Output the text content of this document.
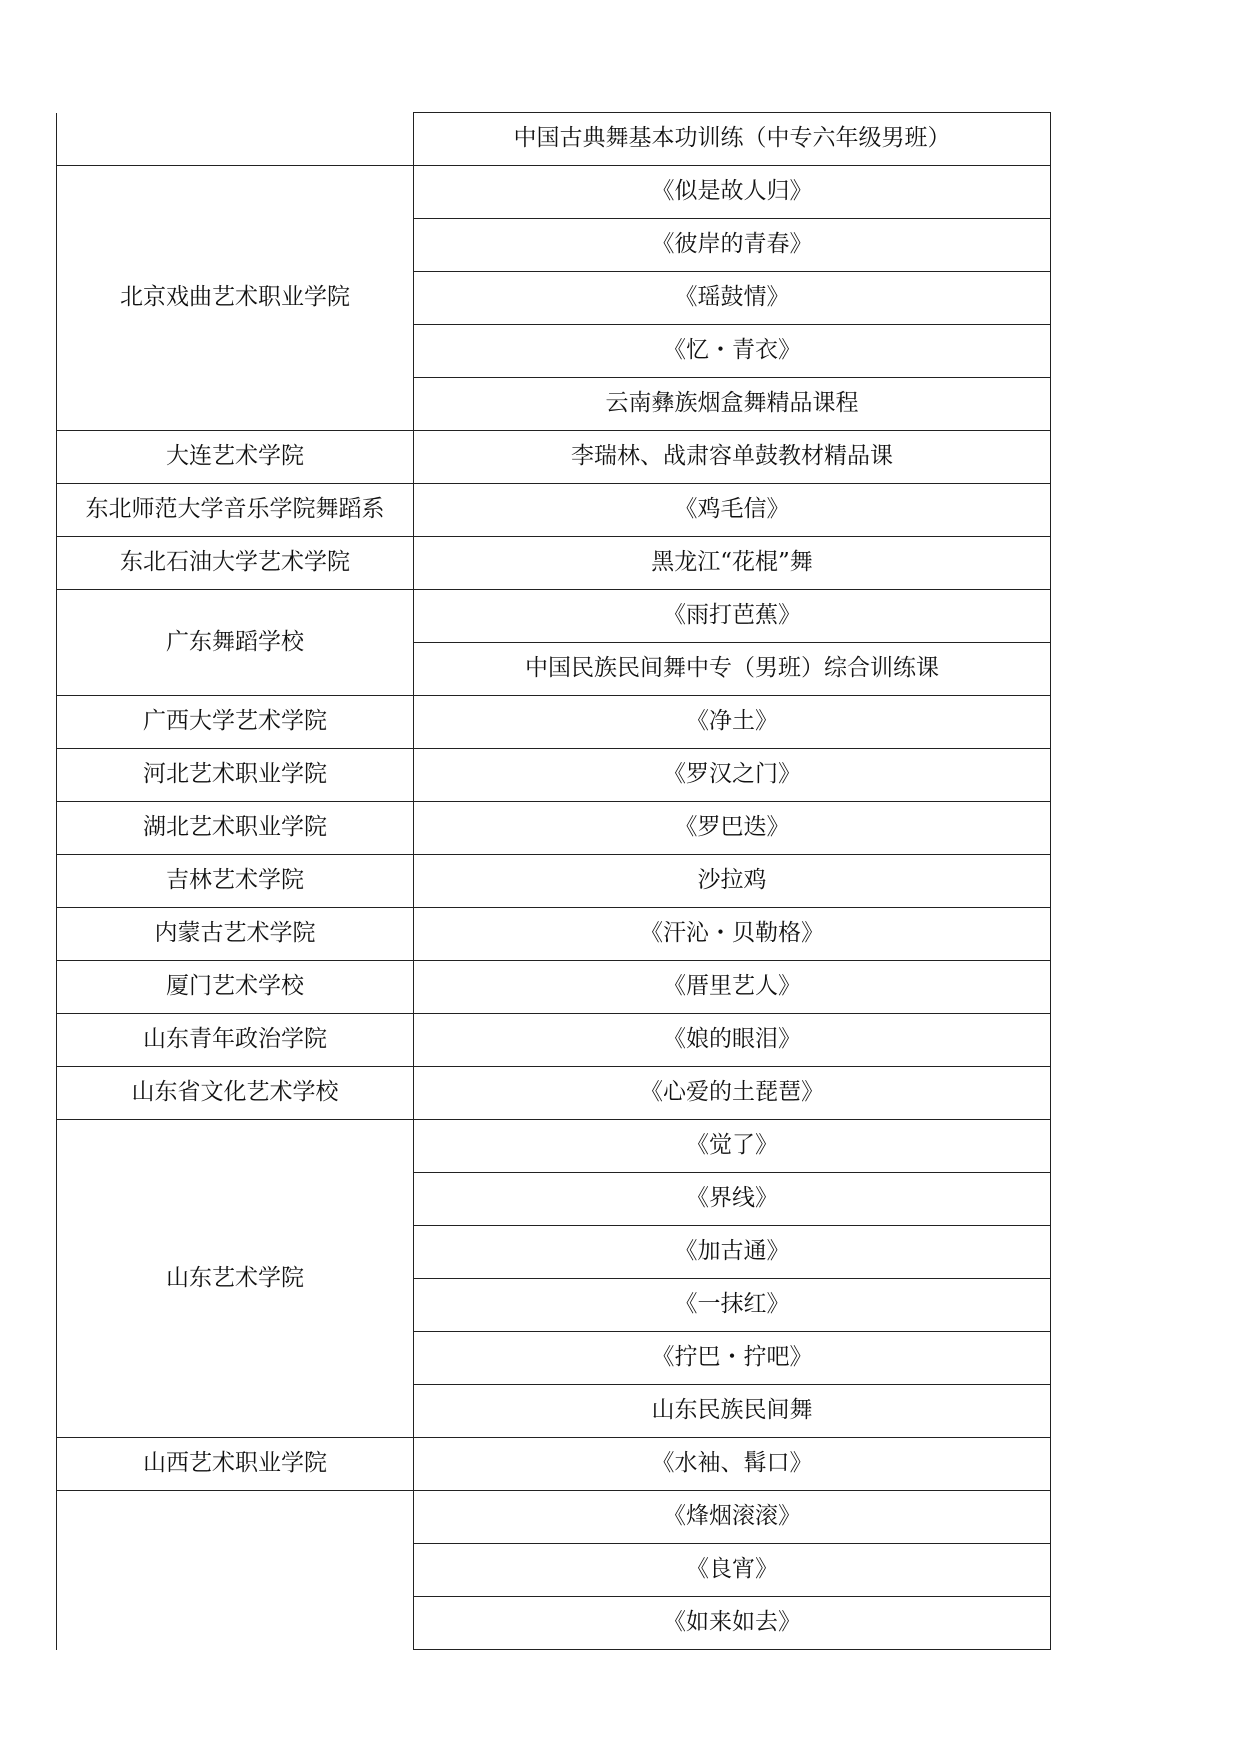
	中国古典舞基本功训练（中专六年级男班）
北京戏曲艺术职业学院	《似是故人归》
	《彼岸的青春》
	《瑶鼓情》
	《忆・青衣》
	云南彝族烟盒舞精品课程
大连艺术学院	李瑞林、战肃容单鼓教材精品课
东北师范大学音乐学院舞蹈系	《鸡毛信》
东北石油大学艺术学院	黑龙江“花棍”舞
广东舞蹈学校	《雨打芭蕉》
	中国民族民间舞中专（男班）综合训练课
广西大学艺术学院	《净土》
河北艺术职业学院	《罗汉之门》
湖北艺术职业学院	《罗巴迭》
吉林艺术学院	沙拉鸡
内蒙古艺术学院	《汗沁・贝勒格》
厦门艺术学校	《厝里艺人》
山东青年政治学院	《娘的眼泪》
山东省文化艺术学校	《心爱的土琵琶》
山东艺术学院	《觉了》
	《界线》
	《加古通》
	《一抹红》
	《拧巴・拧吧》
	山东民族民间舞
山西艺术职业学院	《水袖、髯口》
	《烽烟滚滚》
	《良宵》
	《如来如去》
